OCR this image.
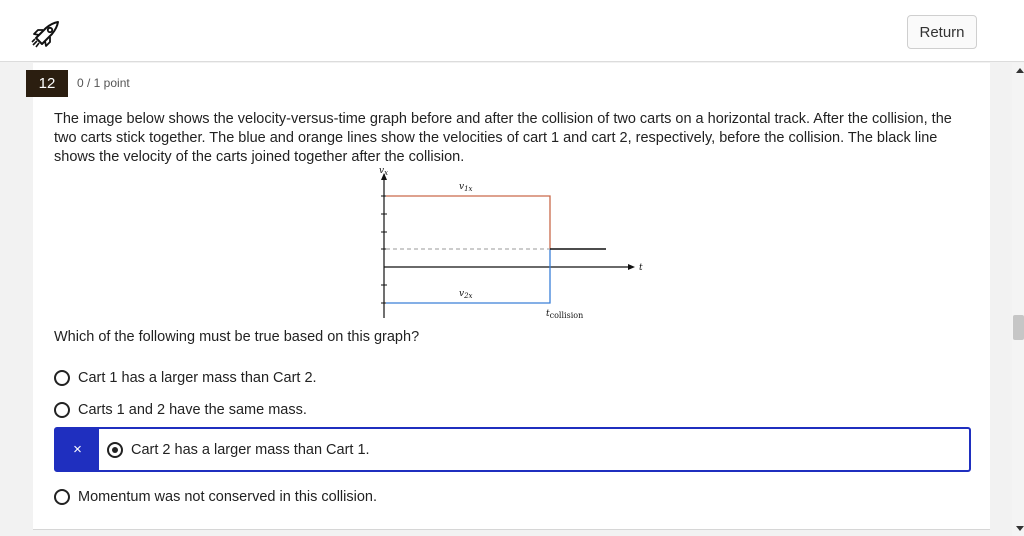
Return
12	0 / 1 point
The image below shows the velocity-versus-time graph before and after the collision of two carts on a horizontal track. After the collision, the two carts stick together. The blue and orange lines show the velocities of cart 1 and cart 2, respectively, before the collision. The black line shows the velocity of the carts joined together after the collision.
$v_x$
t
$v_{1x}$
$v_{2x}$
tcollision
Which of the following must be true based on this graph?
Cart 1 has a larger mass than Cart 2.
Carts 1 and 2 have the same mass.
×	Cart 2 has a larger mass than Cart 1.
Momentum was not conserved in this collision.
